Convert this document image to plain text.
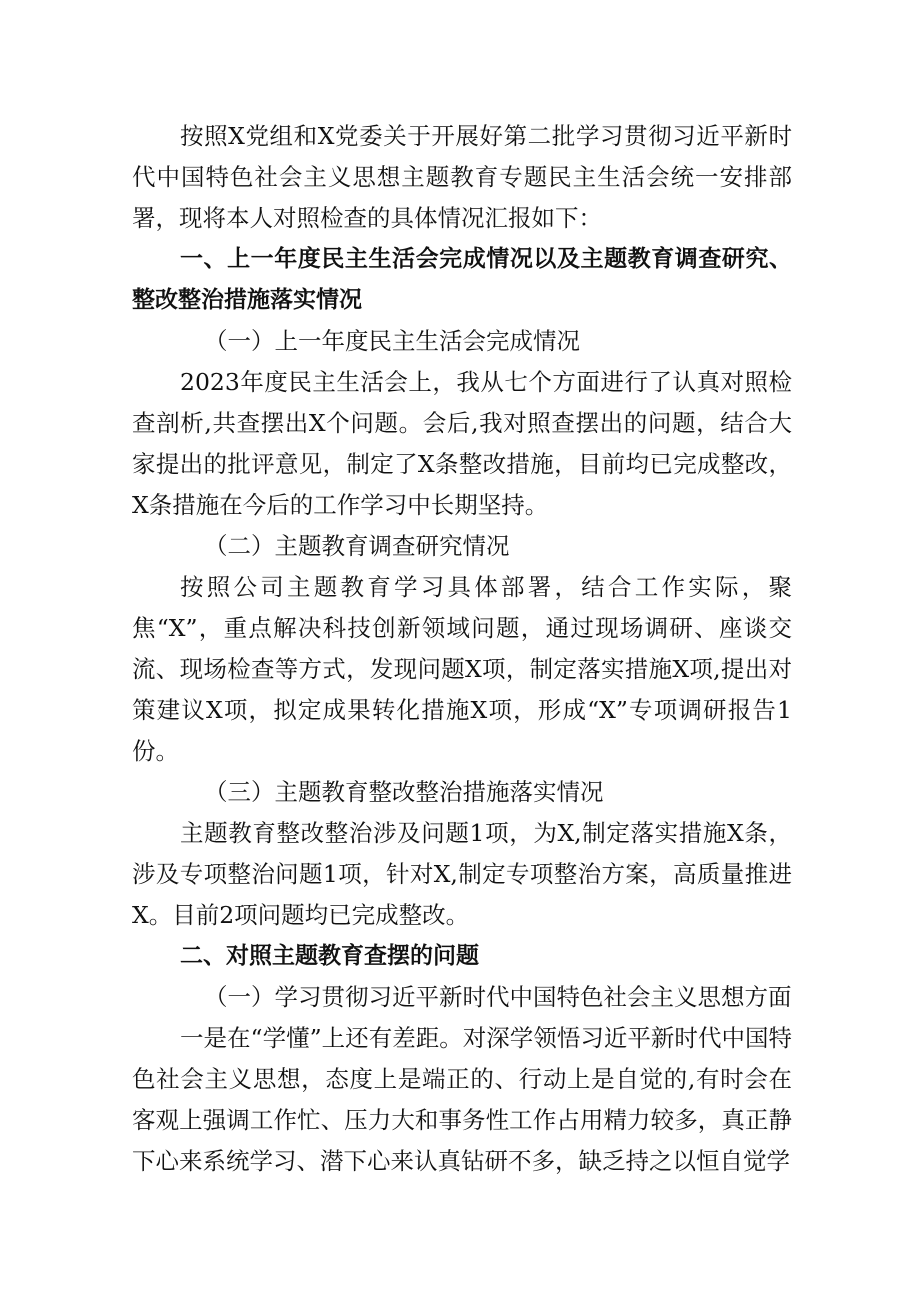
按照X党组和X党委关于开展好第二批学习贯彻习近平新时代中国特色社会主义思想主题教育专题民主生活会统一安排部署，现将本人对照检查的具体情况汇报如下：

一、上一年度民主生活会完成情况以及主题教育调查研究、整改整治措施落实情况

（一）上一年度民主生活会完成情况

2023年度民主生活会上，我从七个方面进行了认真对照检查剖析,共查摆出X个问题。会后,我对照查摆出的问题，结合大家提出的批评意见，制定了X条整改措施，目前均已完成整改，X条措施在今后的工作学习中长期坚持。

（二）主题教育调查研究情况

按照公司主题教育学习具体部署，结合工作实际，聚焦“X”，重点解决科技创新领域问题，通过现场调研、座谈交流、现场检查等方式，发现问题X项，制定落实措施X项,提出对策建议X项，拟定成果转化措施X项，形成“X”专项调研报告1份。

（三）主题教育整改整治措施落实情况

主题教育整改整治涉及问题1项，为X,制定落实措施X条，涉及专项整治问题1项，针对X,制定专项整治方案，高质量推进X。目前2项问题均已完成整改。

二、对照主题教育查摆的问题

（一）学习贯彻习近平新时代中国特色社会主义思想方面

一是在“学懂”上还有差距。对深学领悟习近平新时代中国特色社会主义思想，态度上是端正的、行动上是自觉的,有时会在客观上强调工作忙、压力大和事务性工作占用精力较多，真正静下心来系统学习、潜下心来认真钻研不多，缺乏持之以恒自觉学
